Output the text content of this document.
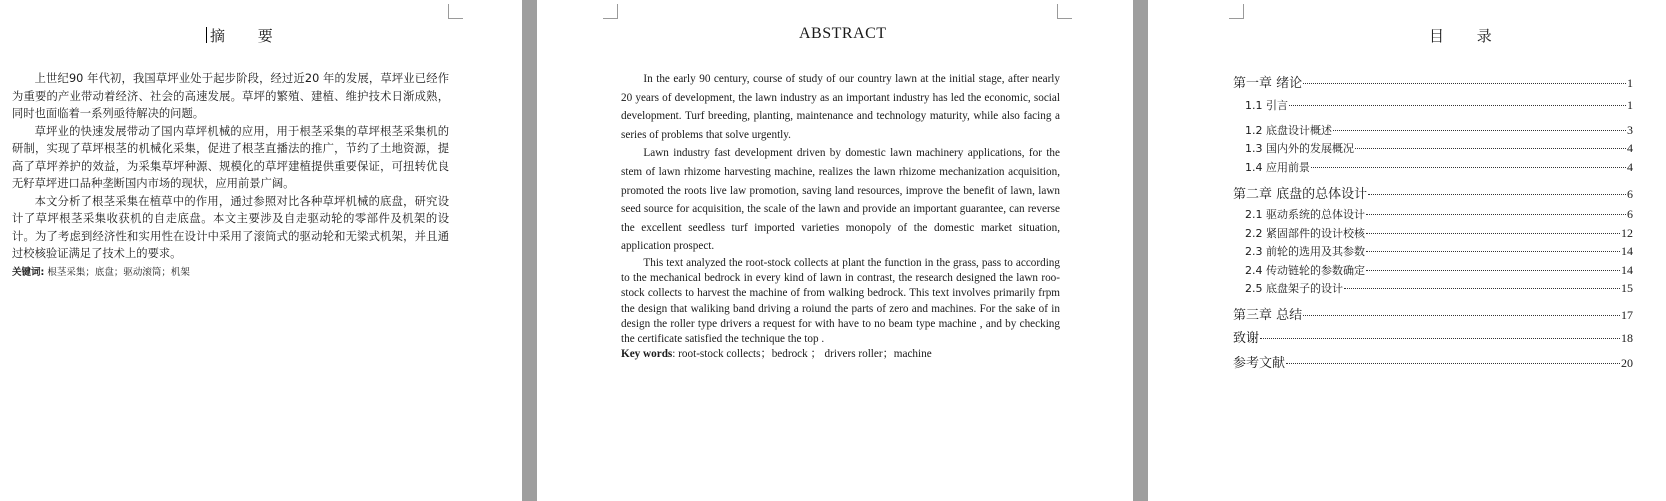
摘 要

上世纪90 年代初，我国草坪业处于起步阶段，经过近20 年的发展，草坪业已经作为重要的产业带动着经济、社会的高速发展。草坪的繁殖、建植、维护技术日渐成熟，同时也面临着一系列亟待解决的问题。

草坪业的快速发展带动了国内草坪机械的应用，用于根茎采集的草坪根茎采集机的研制，实现了草坪根茎的机械化采集，促进了根茎直播法的推广，节约了土地资源，提高了草坪养护的效益，为采集草坪种源、规模化的草坪建植提供重要保证，可扭转优良无籽草坪进口品种垄断国内市场的现状，应用前景广阔。

本文分析了根茎采集在植草中的作用，通过参照对比各种草坪机械的底盘，研究设计了草坪根茎采集收获机的自走底盘。本文主要涉及自走驱动轮的零部件及机架的设计。为了考虑到经济性和实用性在设计中采用了滚筒式的驱动轮和无梁式机架，并且通过校核验证满足了技术上的要求。

关键词: 根茎采集；底盘；驱动滚筒；机架
ABSTRACT

In the early 90 century, course of study of our country lawn at the initial stage, after nearly 20 years of development, the lawn industry as an important industry has led the economic, social development. Turf breeding, planting, maintenance and technology maturity, while also facing a series of problems that solve urgently.

Lawn industry fast development driven by domestic lawn machinery applications, for the stem of lawn rhizome harvesting machine, realizes the lawn rhizome mechanization acquisition, promoted the roots live law promotion, saving land resources, improve the benefit of lawn, lawn seed source for acquisition, the scale of the lawn and provide an important guarantee, can reverse the excellent seedless turf imported varieties monopoly of the domestic market situation, application prospect.

This text analyzed the root-stock collects at plant the function in the grass, pass to according to the mechanical bedrock in every kind of lawn in contrast, the research designed the lawn roo-stock collects to harvest the machine of from walking bedrock. This text involves primarily frpm the design that waliking band driving a roiund the parts of zero and machines. For the sake of in design the roller type drivers a request for with have to no beam type machine , and by checking the certificate satisfied the technique the top .

Key words: root-stock collects；bedrock ； drivers roller；machine
目 录
第一章 绪论	1
1.1 引言	1
1.2 底盘设计概述	3
1.3 国内外的发展概况	4
1.4 应用前景	4
第二章 底盘的总体设计	6
2.1 驱动系统的总体设计	6
2.2 紧固部件的设计校核	12
2.3 前轮的选用及其参数	14
2.4 传动链轮的参数确定	14
2.5 底盘架子的设计	15
第三章 总结	17
致谢	18
参考文献	20
